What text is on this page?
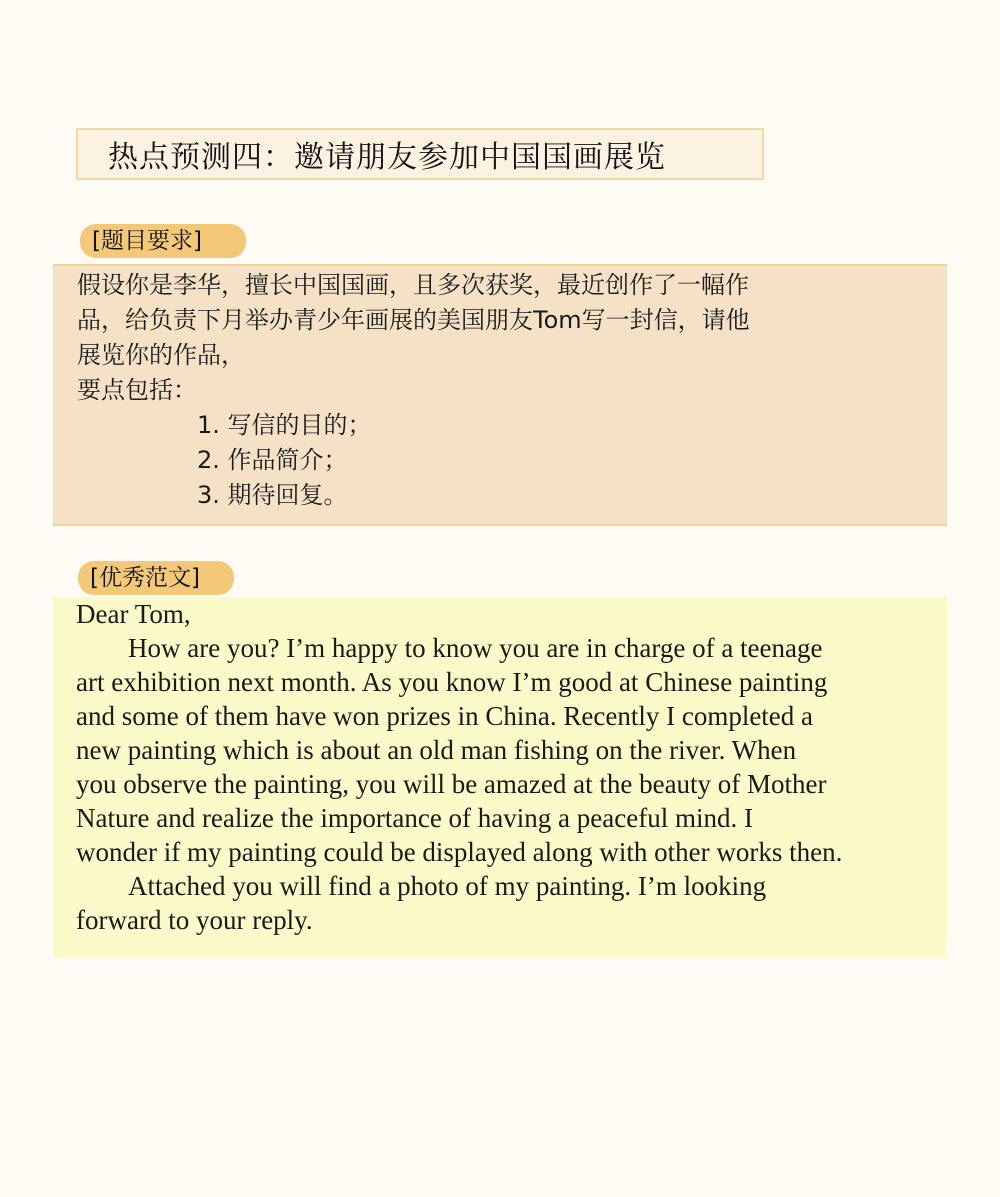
热点预测四：邀请朋友参加中国国画展览
[题目要求]
假设你是李华，擅长中国国画，且多次获奖，最近创作了一幅作
品，给负责下月举办青少年画展的美国朋友Tom写一封信，请他
展览你的作品，
要点包括：
1. 写信的目的；
2. 作品简介；
3. 期待回复。
[优秀范文]
Dear Tom,
How are you? I’m happy to know you are in charge of a teenage
art exhibition next month. As you know I’m good at Chinese painting
and some of them have won prizes in China. Recently I completed a
new painting which is about an old man fishing on the river. When
you observe the painting, you will be amazed at the beauty of Mother
Nature and realize the importance of having a peaceful mind. I
wonder if my painting could be displayed along with other works then.
Attached you will find a photo of my painting. I’m looking
forward to your reply.
